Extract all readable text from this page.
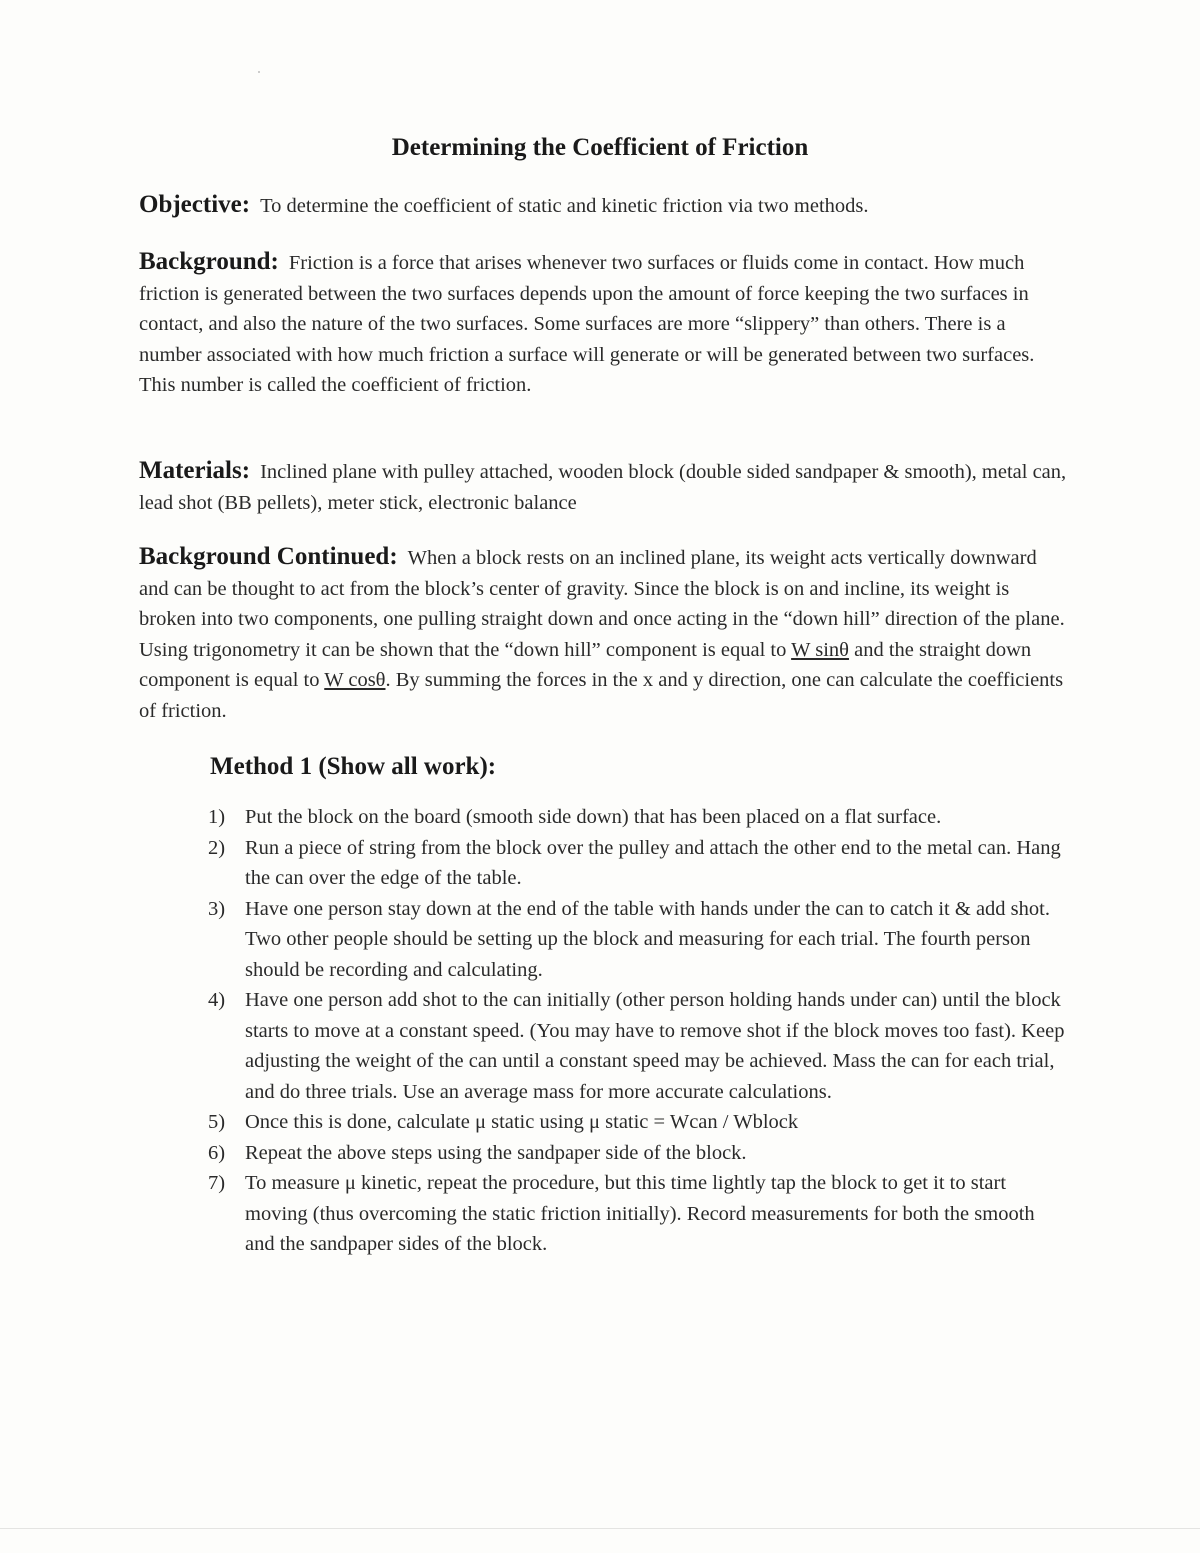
Determining the Coefficient of Friction
Objective: To determine the coefficient of static and kinetic friction via two methods.
Background: Friction is a force that arises whenever two surfaces or fluids come in contact. How much friction is generated between the two surfaces depends upon the amount of force keeping the two surfaces in contact, and also the nature of the two surfaces. Some surfaces are more “slippery” than others. There is a number associated with how much friction a surface will generate or will be generated between two surfaces. This number is called the coefficient of friction.
Materials: Inclined plane with pulley attached, wooden block (double sided sandpaper & smooth), metal can, lead shot (BB pellets), meter stick, electronic balance
Background Continued: When a block rests on an inclined plane, its weight acts vertically downward and can be thought to act from the block’s center of gravity. Since the block is on and incline, its weight is broken into two components, one pulling straight down and once acting in the “down hill” direction of the plane. Using trigonometry it can be shown that the “down hill” component is equal to W sinθ and the straight down component is equal to W cosθ. By summing the forces in the x and y direction, one can calculate the coefficients of friction.
Method 1 (Show all work):
1) Put the block on the board (smooth side down) that has been placed on a flat surface.
2) Run a piece of string from the block over the pulley and attach the other end to the metal can. Hang the can over the edge of the table.
3) Have one person stay down at the end of the table with hands under the can to catch it & add shot. Two other people should be setting up the block and measuring for each trial. The fourth person should be recording and calculating.
4) Have one person add shot to the can initially (other person holding hands under can) until the block starts to move at a constant speed. (You may have to remove shot if the block moves too fast). Keep adjusting the weight of the can until a constant speed may be achieved. Mass the can for each trial, and do three trials. Use an average mass for more accurate calculations.
5) Once this is done, calculate μ static using μ static = Wcan / Wblock
6) Repeat the above steps using the sandpaper side of the block.
7) To measure μ kinetic, repeat the procedure, but this time lightly tap the block to get it to start moving (thus overcoming the static friction initially). Record measurements for both the smooth and the sandpaper sides of the block.
